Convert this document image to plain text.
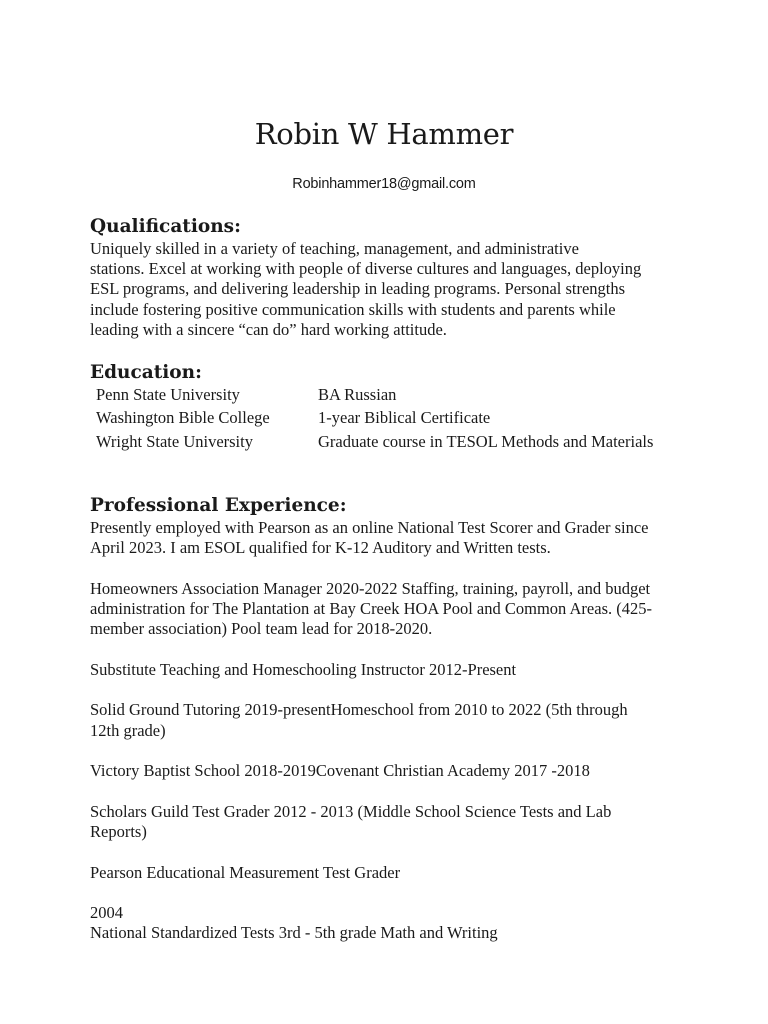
Robin W Hammer
Robinhammer18@gmail.com
Qualifications:
Uniquely skilled in a variety of teaching, management, and administrative
stations. Excel at working with people of diverse cultures and languages, deploying
ESL programs, and delivering leadership in leading programs. Personal strengths
include fostering positive communication skills with students and parents while
leading with a sincere “can do” hard working attitude.
Education:
Penn State University	BA Russian
Washington Bible College	1-year Biblical Certificate
Wright State University	Graduate course in TESOL Methods and Materials
Professional Experience:

Presently employed with Pearson as an online National Test Scorer and Grader since
April 2023. I am ESOL qualified for K-12 Auditory and Written tests.

Homeowners Association Manager 2020-2022 Staffing, training, payroll, and budget
administration for The Plantation at Bay Creek HOA Pool and Common Areas. (425-
member association) Pool team lead for 2018-2020.

Substitute Teaching and Homeschooling Instructor 2012-Present

Solid Ground Tutoring 2019-presentHomeschool from 2010 to 2022 (5th through
12th grade)

Victory Baptist School 2018-2019Covenant Christian Academy 2017 -2018

Scholars Guild Test Grader 2012 - 2013 (Middle School Science Tests and Lab
Reports)

Pearson Educational Measurement Test Grader

2004
National Standardized Tests 3rd - 5th grade Math and Writing
